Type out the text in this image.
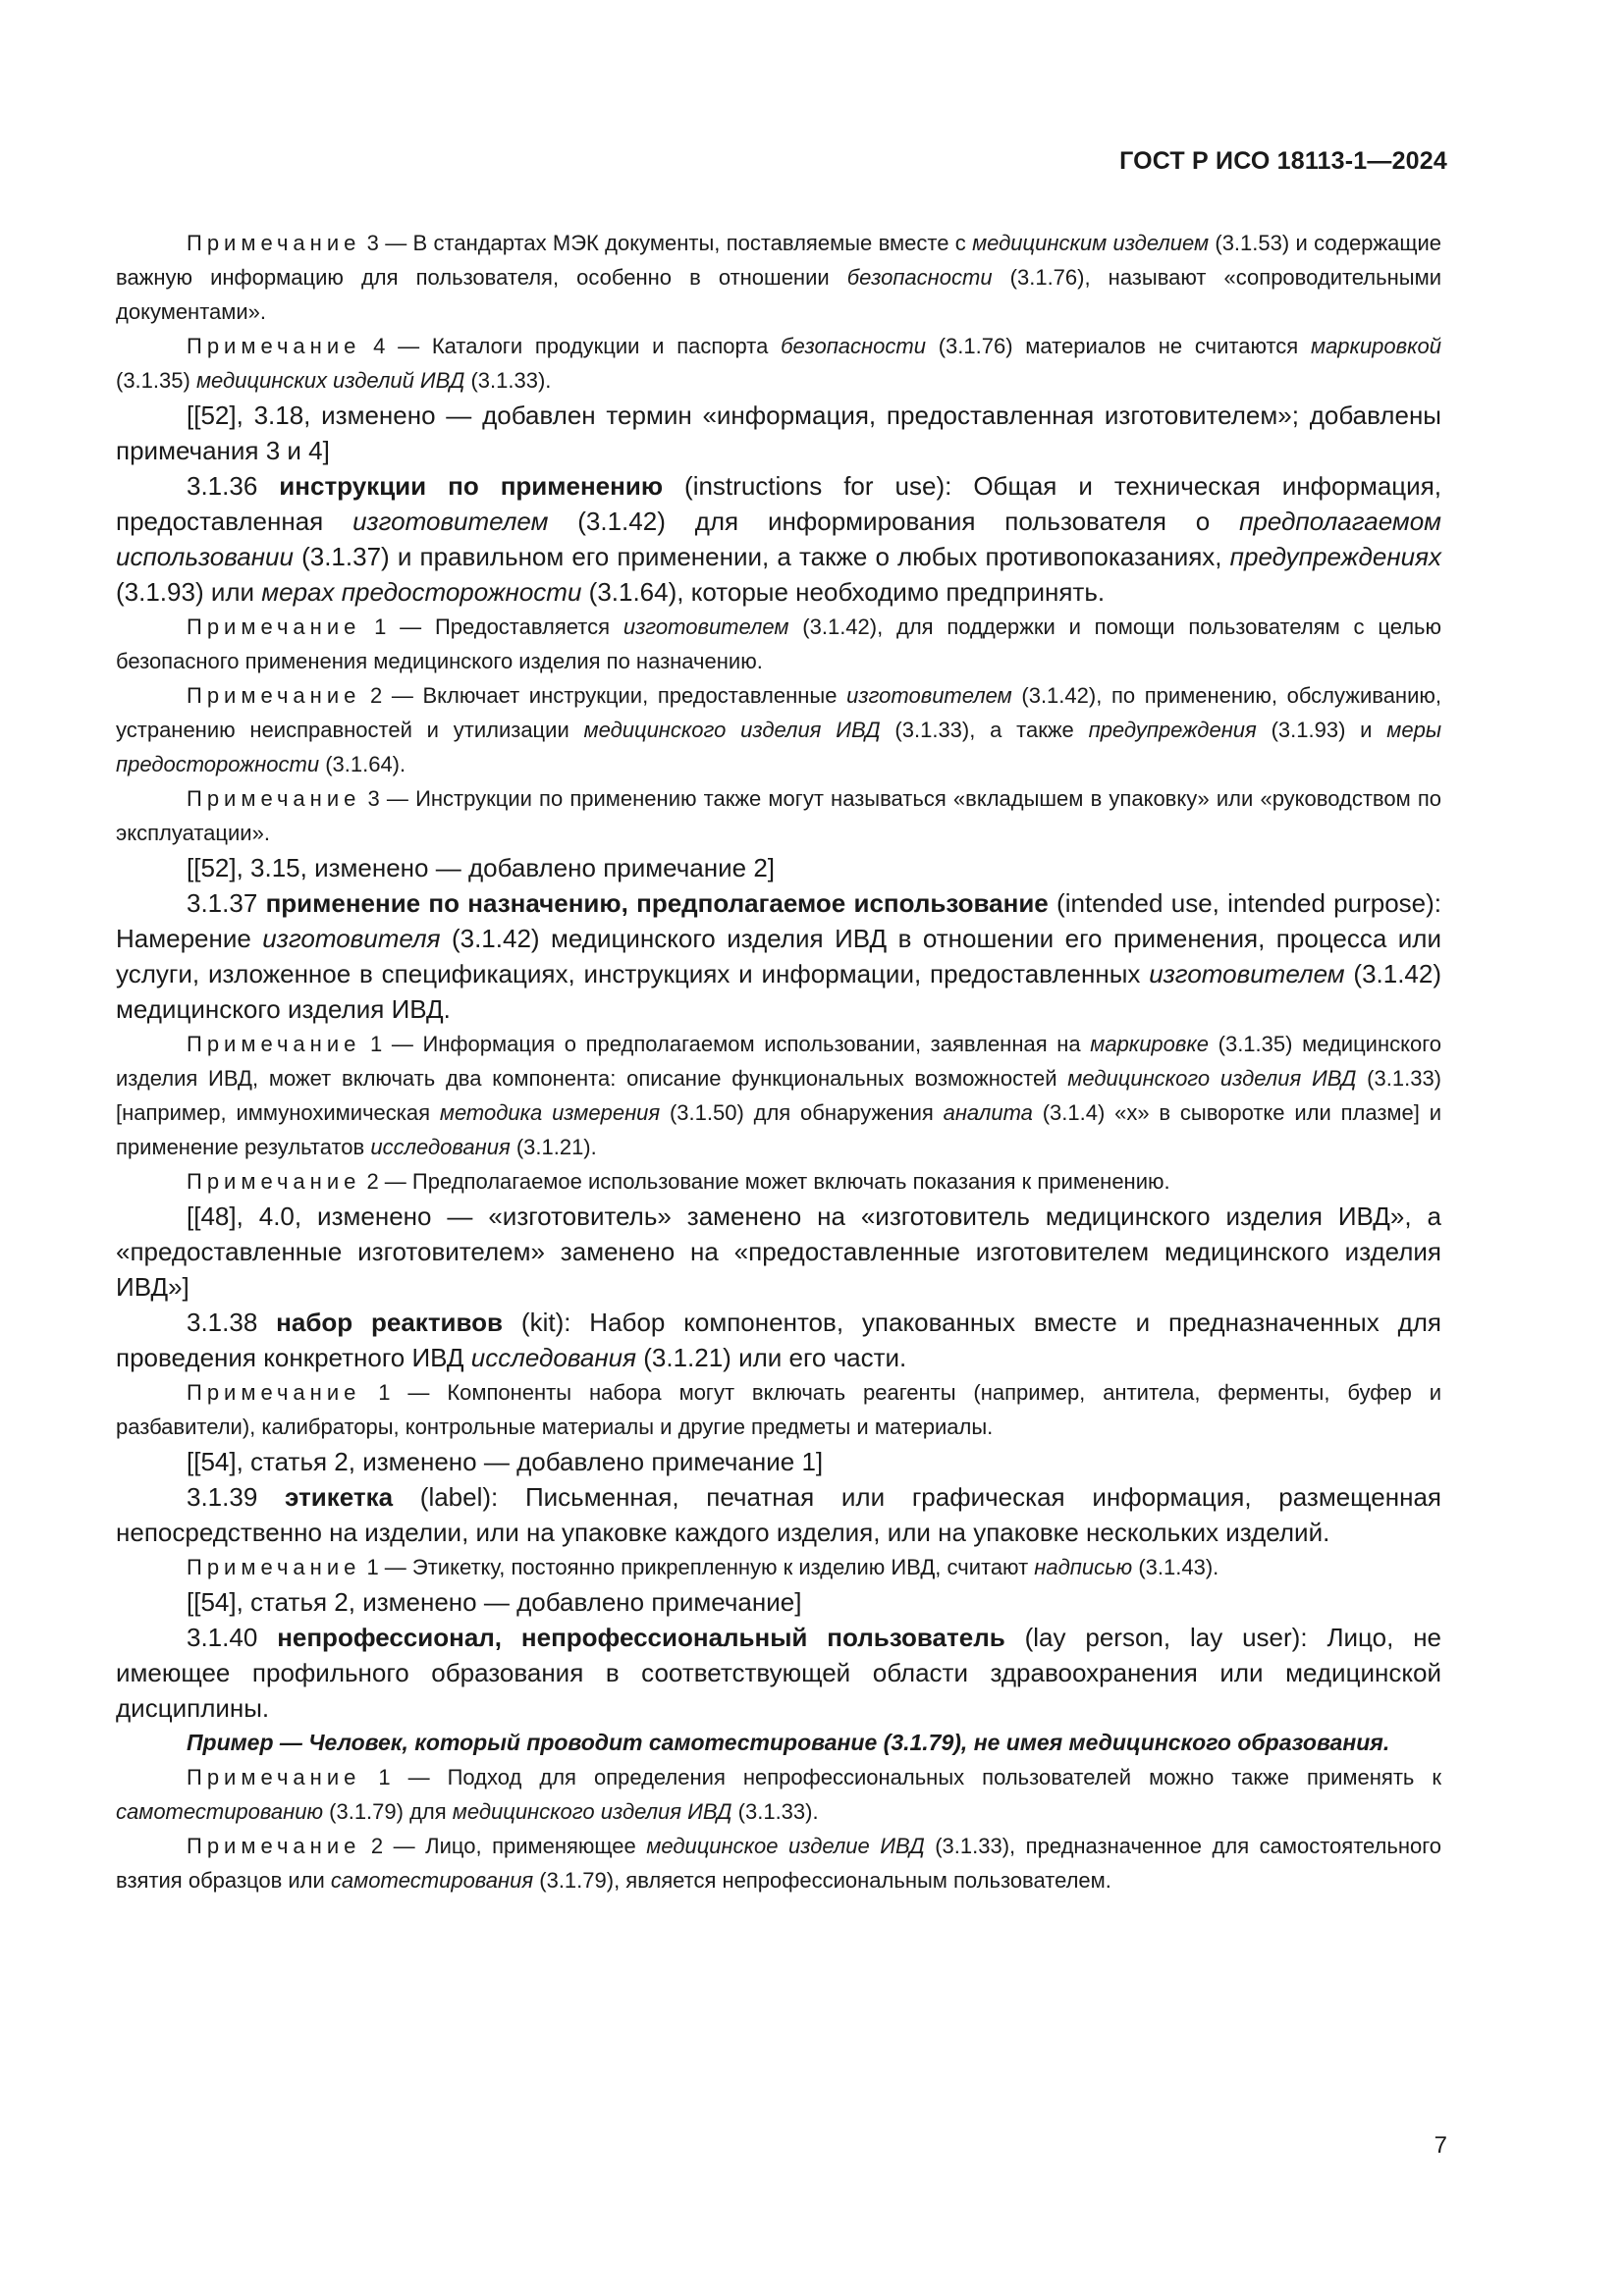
ГОСТ Р ИСО 18113-1—2024

Примечание 3 — В стандартах МЭК документы, поставляемые вместе с медицинским изделием (3.1.53) и содержащие важную информацию для пользователя, особенно в отношении безопасности (3.1.76), называют «сопроводительными документами».

Примечание 4 — Каталоги продукции и паспорта безопасности (3.1.76) материалов не считаются маркировкой (3.1.35) медицинских изделий ИВД (3.1.33).

[[52], 3.18, изменено — добавлен термин «информация, предоставленная изготовителем»; добавлены примечания 3 и 4]

3.1.36 инструкции по применению (instructions for use): Общая и техническая информация, предоставленная изготовителем (3.1.42) для информирования пользователя о предполагаемом использовании (3.1.37) и правильном его применении, а также о любых противопоказаниях, предупреждениях (3.1.93) или мерах предосторожности (3.1.64), которые необходимо предпринять.

Примечание 1 — Предоставляется изготовителем (3.1.42), для поддержки и помощи пользователям с целью безопасного применения медицинского изделия по назначению.

Примечание 2 — Включает инструкции, предоставленные изготовителем (3.1.42), по применению, обслуживанию, устранению неисправностей и утилизации медицинского изделия ИВД (3.1.33), а также предупреждения (3.1.93) и меры предосторожности (3.1.64).

Примечание 3 — Инструкции по применению также могут называться «вкладышем в упаковку» или «руководством по эксплуатации».

[[52], 3.15, изменено — добавлено примечание 2]

3.1.37 применение по назначению, предполагаемое использование (intended use, intended purpose): Намерение изготовителя (3.1.42) медицинского изделия ИВД в отношении его применения, процесса или услуги, изложенное в спецификациях, инструкциях и информации, предоставленных изготовителем (3.1.42) медицинского изделия ИВД.

Примечание 1 — Информация о предполагаемом использовании, заявленная на маркировке (3.1.35) медицинского изделия ИВД, может включать два компонента: описание функциональных возможностей медицинского изделия ИВД (3.1.33) [например, иммунохимическая методика измерения (3.1.50) для обнаружения аналита (3.1.4) «х» в сыворотке или плазме] и применение результатов исследования (3.1.21).

Примечание 2 — Предполагаемое использование может включать показания к применению.

[[48], 4.0, изменено — «изготовитель» заменено на «изготовитель медицинского изделия ИВД», а «предоставленные изготовителем» заменено на «предоставленные изготовителем медицинского изделия ИВД»]

3.1.38 набор реактивов (kit): Набор компонентов, упакованных вместе и предназначенных для проведения конкретного ИВД исследования (3.1.21) или его части.

Примечание 1 — Компоненты набора могут включать реагенты (например, антитела, ферменты, буфер и разбавители), калибраторы, контрольные материалы и другие предметы и материалы.

[[54], статья 2, изменено — добавлено примечание 1]

3.1.39 этикетка (label): Письменная, печатная или графическая информация, размещенная непосредственно на изделии, или на упаковке каждого изделия, или на упаковке нескольких изделий.

Примечание 1 — Этикетку, постоянно прикрепленную к изделию ИВД, считают надписью (3.1.43).

[[54], статья 2, изменено — добавлено примечание]

3.1.40 непрофессионал, непрофессиональный пользователь (lay person, lay user): Лицо, не имеющее профильного образования в соответствующей области здравоохранения или медицинской дисциплины.

Пример — Человек, который проводит самотестирование (3.1.79), не имея медицинского образования.

Примечание 1 — Подход для определения непрофессиональных пользователей можно также применять к самотестированию (3.1.79) для медицинского изделия ИВД (3.1.33).

Примечание 2 — Лицо, применяющее медицинское изделие ИВД (3.1.33), предназначенное для самостоятельного взятия образцов или самотестирования (3.1.79), является непрофессиональным пользователем.

7
